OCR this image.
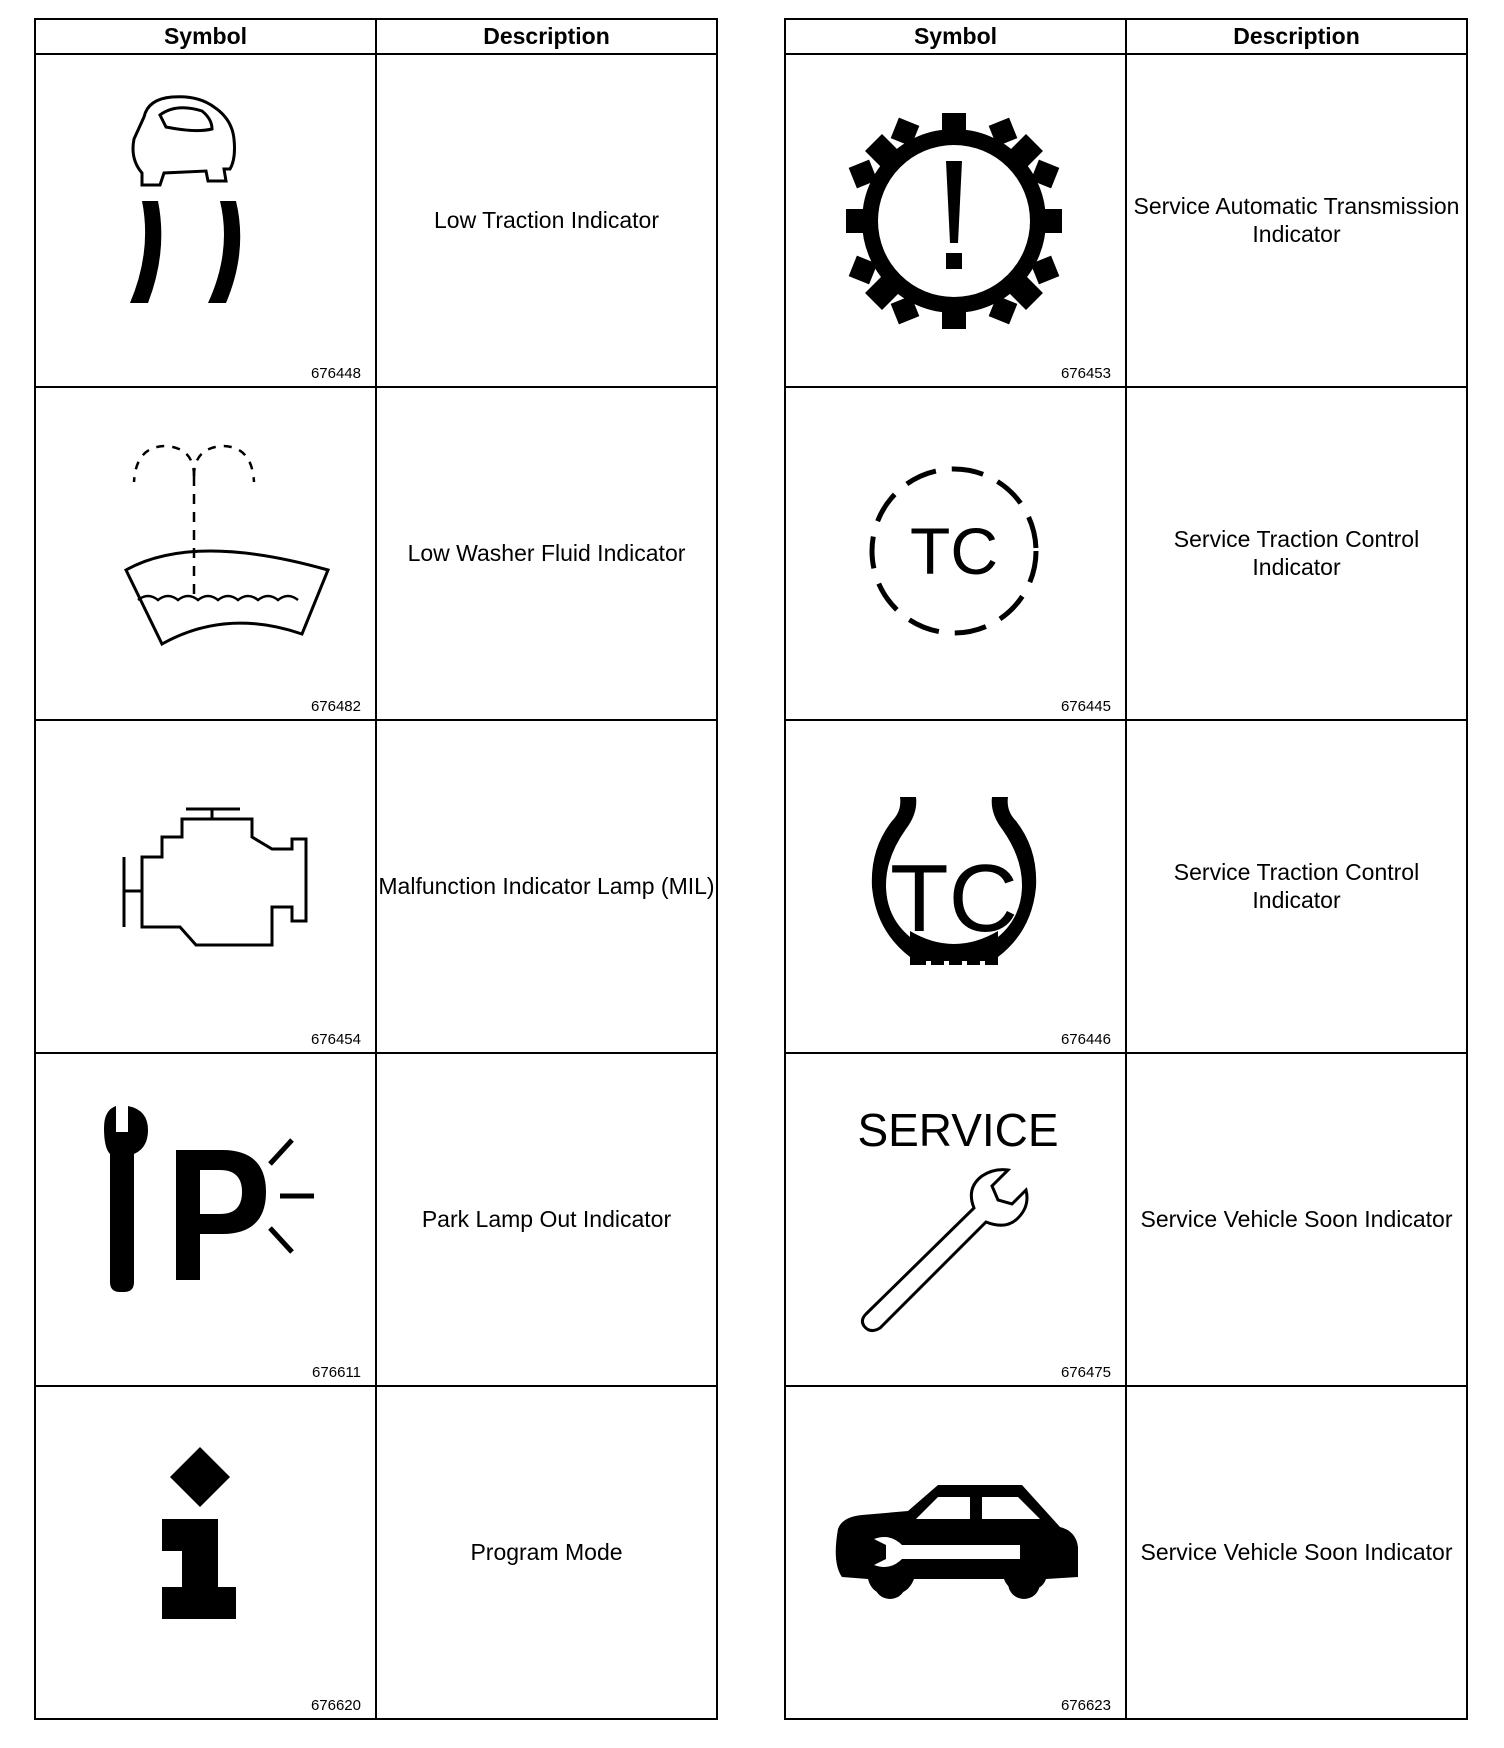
Symbol	Description

676448	Low Traction Indicator

676482	Low Washer Fluid Indicator

676454	Malfunction Indicator Lamp (MIL)

676611	Park Lamp Out Indicator

676620	Program Mode
Symbol	Description

676453	Service Automatic Transmission Indicator

TC
676445	Service Traction Control Indicator

TC
676446	Service Traction Control Indicator

SERVICE
676475	Service Vehicle Soon Indicator

676623	Service Vehicle Soon Indicator
